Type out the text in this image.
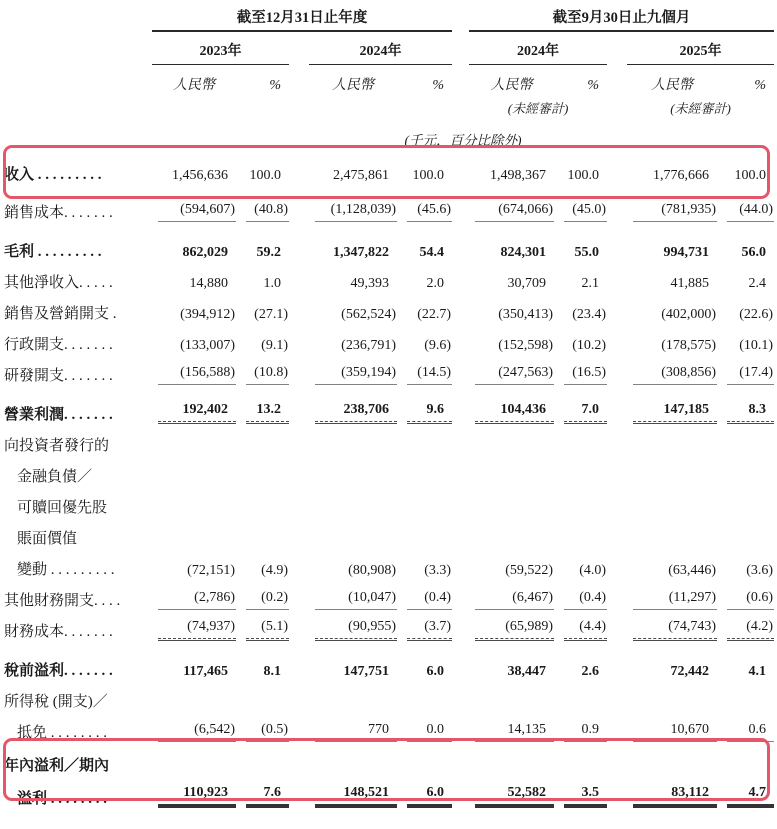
	截至12月31日止年度						截至9月30日止九個月				
	2023年			2024年			2024年			2025年	
	人民幣	%		人民幣	%		人民幣	%		人民幣	%
							(未經審計)			(未經審計)	
	(千元，百分比除外)										
收入 . . . . . . . . .	1,456,636	100.0		2,475,861	100.0		1,498,367	100.0		1,776,666	100.0

銷售成本. . . . . . .	(594,607)	(40.8)		(1,128,039)	(45.6)		(674,066)	(45.0)		(781,935)	(44.0)

毛利 . . . . . . . . .	862,029	59.2		1,347,822	54.4		824,301	55.0		994,731	56.0

其他淨收入. . . . .	14,880	1.0		49,393	2.0		30,709	2.1		41,885	2.4

銷售及營銷開支 .	(394,912)	(27.1)		(562,524)	(22.7)		(350,413)	(23.4)		(402,000)	(22.6)

行政開支. . . . . . .	(133,007)	(9.1)		(236,791)	(9.6)		(152,598)	(10.2)		(178,575)	(10.1)

研發開支. . . . . . .	(156,588)	(10.8)		(359,194)	(14.5)		(247,563)	(16.5)		(308,856)	(17.4)

營業利潤. . . . . . .	192,402	13.2		238,706	9.6		104,436	7.0		147,185	8.3

向投資者發行的											
金融負債／											
可贖回優先股											
賬面價值											
變動 . . . . . . . . .	(72,151)	(4.9)		(80,908)	(3.3)		(59,522)	(4.0)		(63,446)	(3.6)

其他財務開支. . . .	(2,786)	(0.2)		(10,047)	(0.4)		(6,467)	(0.4)		(11,297)	(0.6)

財務成本. . . . . . .	(74,937)	(5.1)		(90,955)	(3.7)		(65,989)	(4.4)		(74,743)	(4.2)

稅前溢利. . . . . . .	117,465	8.1		147,751	6.0		38,447	2.6		72,442	4.1

所得稅 (開支)／											
抵免 . . . . . . . .	(6,542)	(0.5)		770	0.0		14,135	0.9		10,670	0.6

年內溢利／期內											
溢利 . . . . . . . .	110,923	7.6		148,521	6.0		52,582	3.5		83,112	4.7
